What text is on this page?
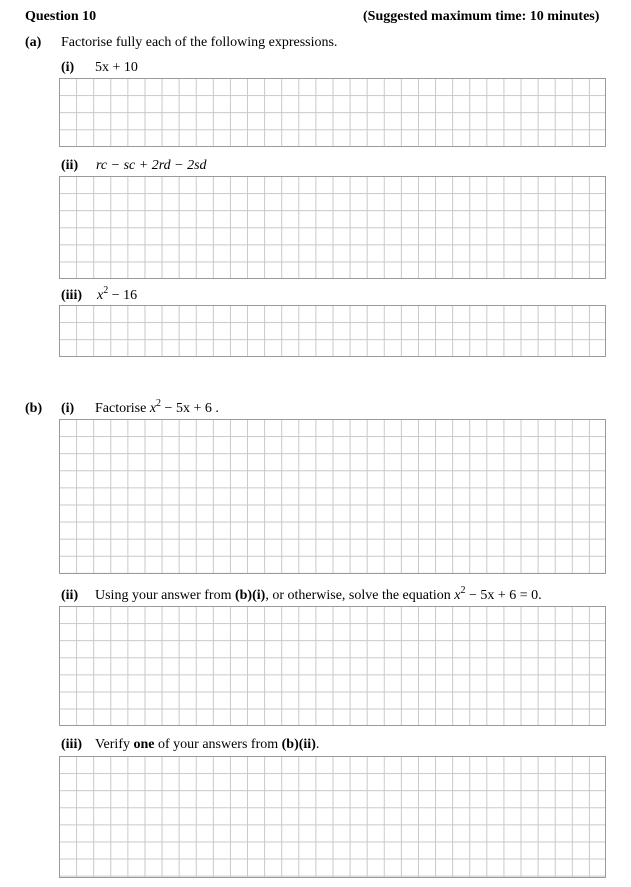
Question 10	(Suggested maximum time: 10 minutes)
(a) Factorise fully each of the following expressions.
(i) 5x + 10
(ii) rc − sc + 2rd − 2sd
(iii) $x^2 - 16$
(b) (i) Factorise $x^2 - 5x + 6$ .
(ii) Using your answer from (b)(i), or otherwise, solve the equation $x^2 - 5x + 6 = 0$.
(iii) Verify one of your answers from (b)(ii).
